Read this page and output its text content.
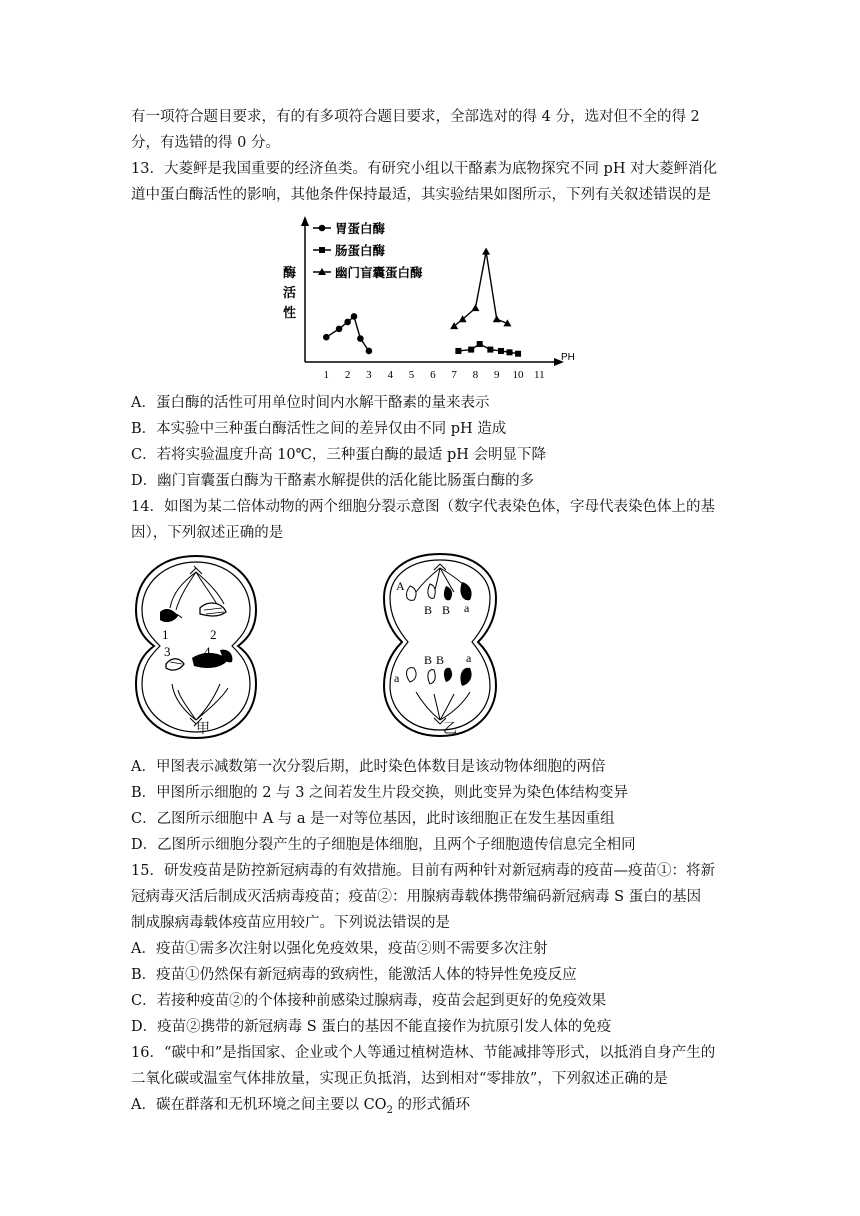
有一项符合题目要求，有的有多项符合题目要求，全部选对的得 4 分，选对但不全的得 2
分，有选错的得 0 分。
13．大菱鲆是我国重要的经济鱼类。有研究小组以干酪素为底物探究不同 pH 对大菱鲆消化
道中蛋白酶活性的影响，其他条件保持最适，其实验结果如图所示，下列有关叙述错误的是
酶活性
PH
1 2 3 4 5 6 7 8 9 10 11
胃蛋白酶
肠蛋白酶
幽门盲囊蛋白酶
A．蛋白酶的活性可用单位时间内水解干酪素的量来表示
B．本实验中三种蛋白酶活性之间的差异仅由不同 pH 造成
C．若将实验温度升高 10℃，三种蛋白酶的最适 pH 会明显下降
D．幽门盲囊蛋白酶为干酪素水解提供的活化能比肠蛋白酶的多
14．如图为某二倍体动物的两个细胞分裂示意图（数字代表染色体，字母代表染色体上的基
因），下列叙述正确的是
1	2
3	4
A
B B a
B B
a
a
甲	乙
A．甲图表示减数第一次分裂后期，此时染色体数目是该动物体细胞的两倍
B．甲图所示细胞的 2 与 3 之间若发生片段交换，则此变异为染色体结构变异
C．乙图所示细胞中 A 与 a 是一对等位基因，此时该细胞正在发生基因重组
D．乙图所示细胞分裂产生的子细胞是体细胞，且两个子细胞遗传信息完全相同
15．研发疫苗是防控新冠病毒的有效措施。目前有两种针对新冠病毒的疫苗—疫苗①：将新
冠病毒灭活后制成灭活病毒疫苗；疫苗②：用腺病毒载体携带编码新冠病毒 S 蛋白的基因
制成腺病毒载体疫苗应用较广。下列说法错误的是
A．疫苗①需多次注射以强化免疫效果，疫苗②则不需要多次注射
B．疫苗①仍然保有新冠病毒的致病性，能激活人体的特异性免疫反应
C．若接种疫苗②的个体接种前感染过腺病毒，疫苗会起到更好的免疫效果
D．疫苗②携带的新冠病毒 S 蛋白的基因不能直接作为抗原引发人体的免疫
16．“碳中和”是指国家、企业或个人等通过植树造林、节能减排等形式，以抵消自身产生的
二氧化碳或温室气体排放量，实现正负抵消，达到相对“零排放”，下列叙述正确的是
A．碳在群落和无机环境之间主要以 $CO_2$ 的形式循环
